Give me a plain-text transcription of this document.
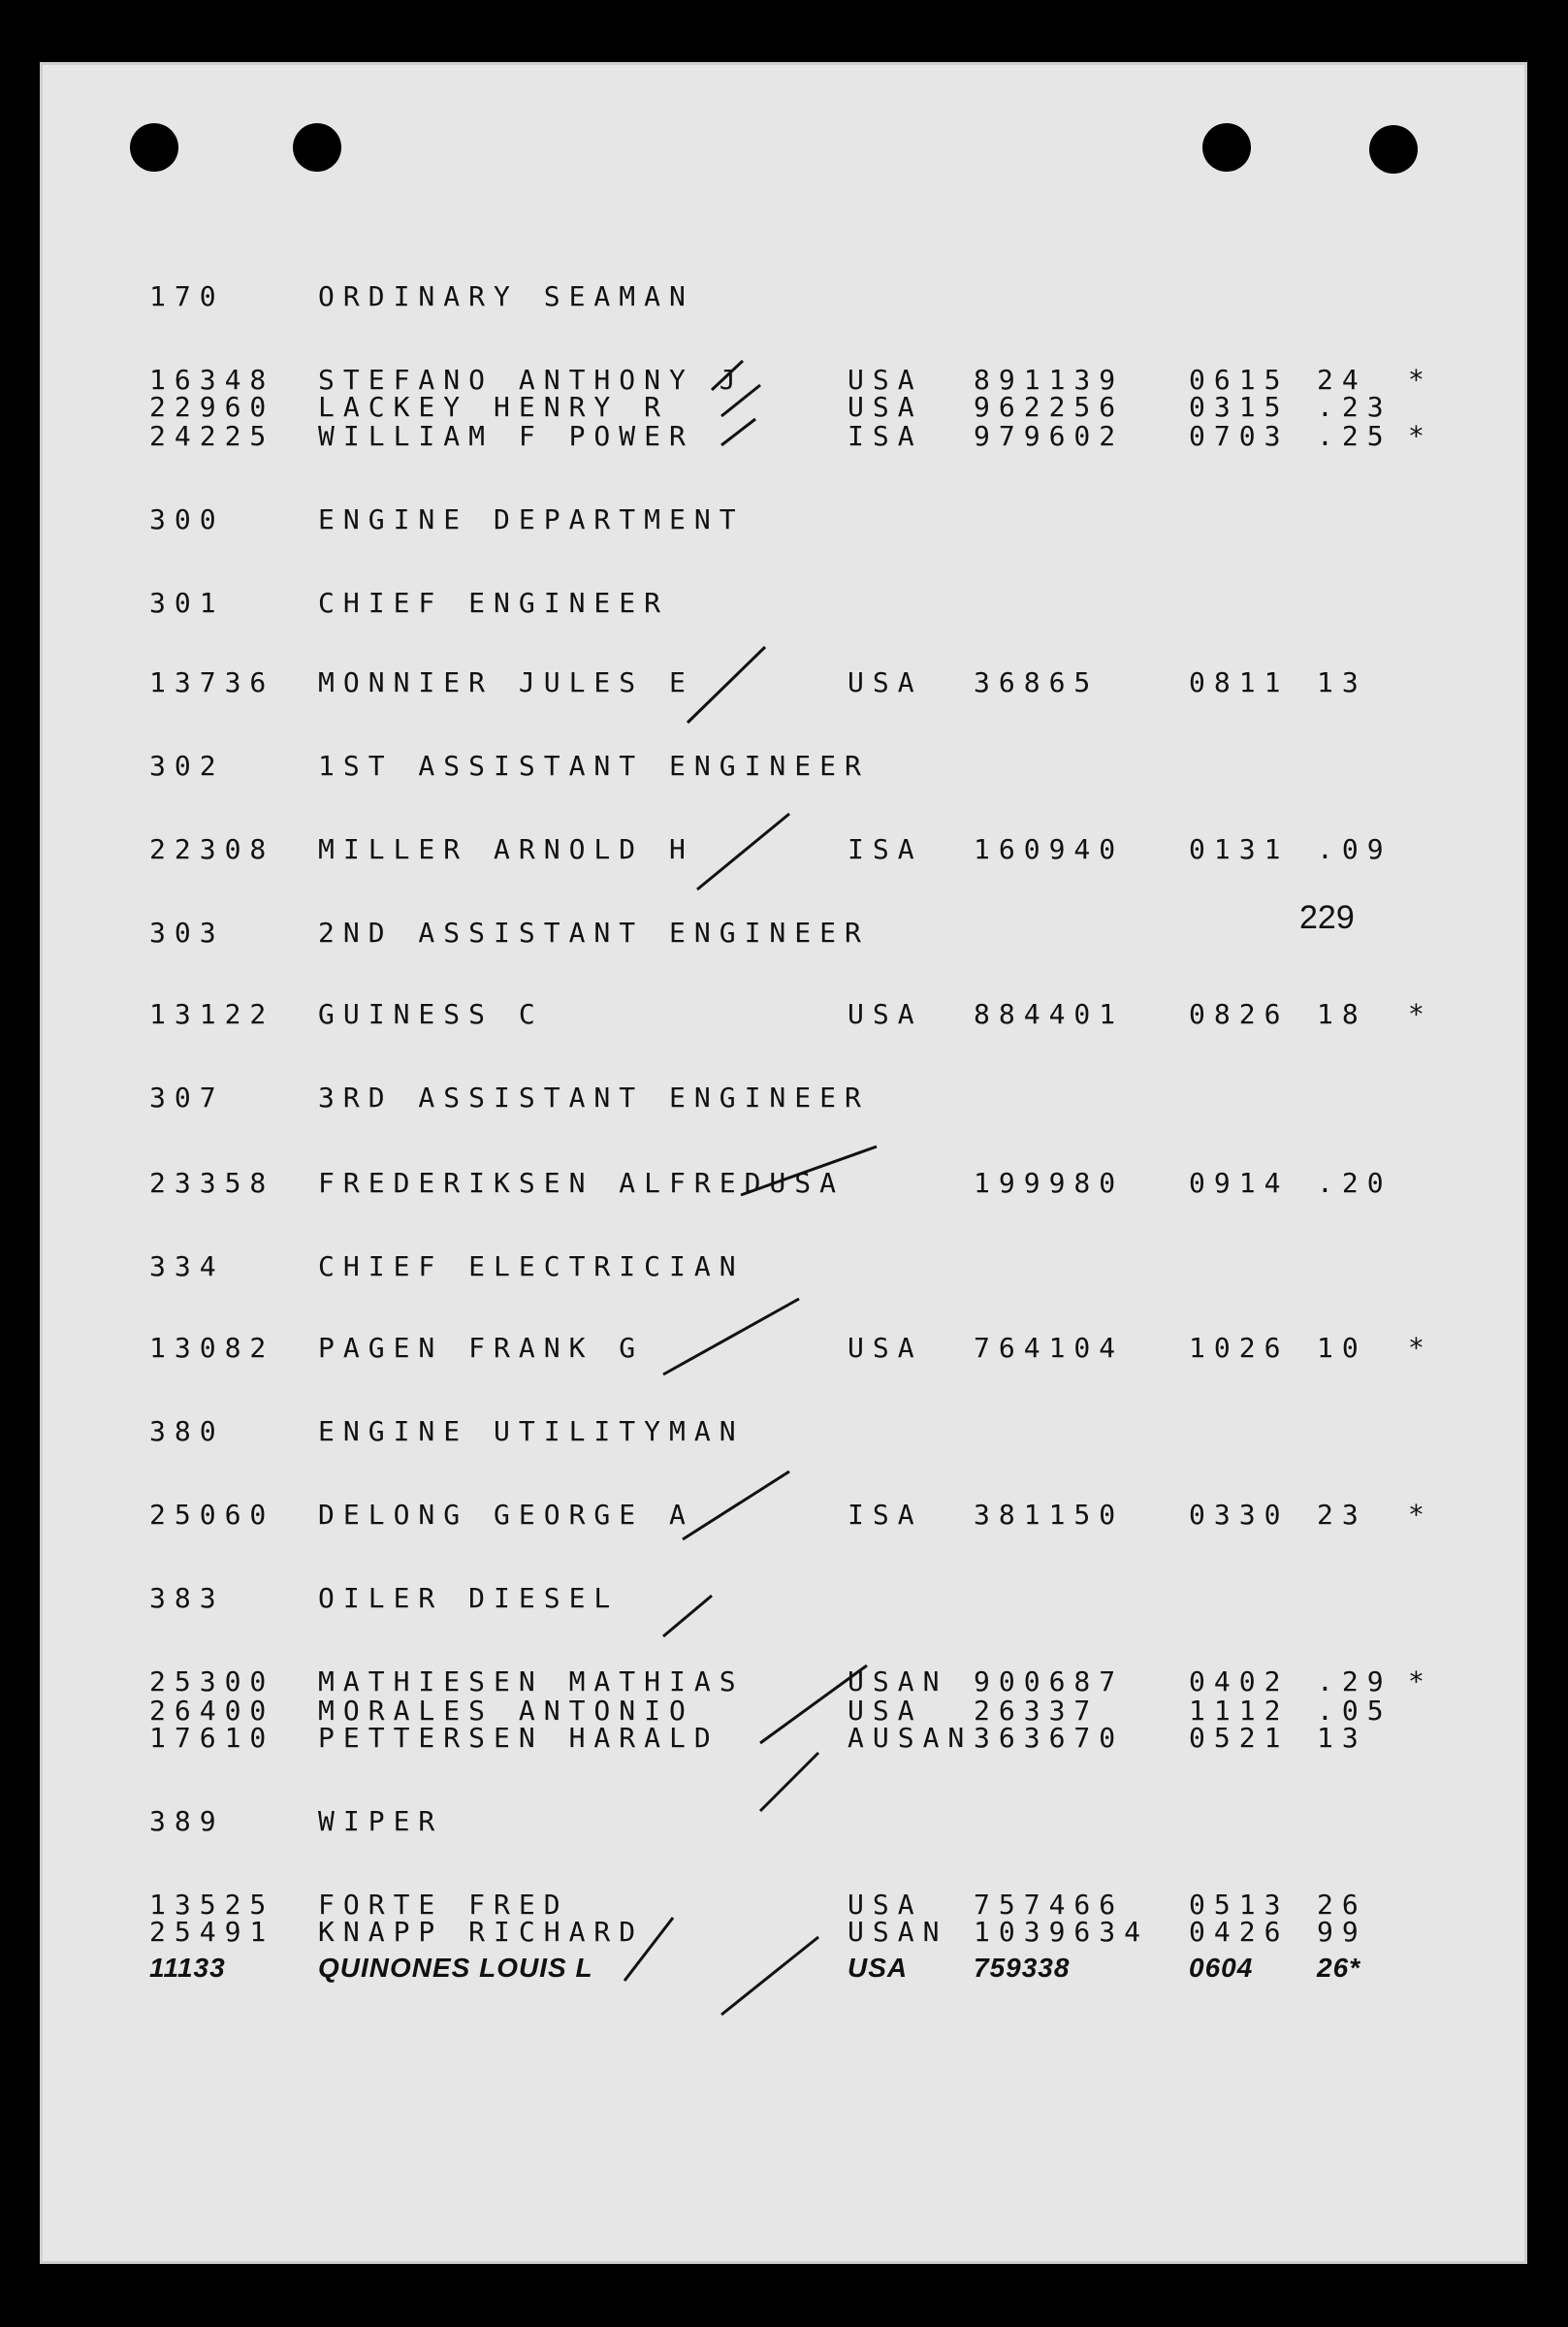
229
170	ORDINARY SEAMAN
16348 STEFANO ANTHONY J	USA 891139 0615 24 *
22960 LACKEY HENRY R	USA 962256 0315 .23
24225 WILLIAM F POWER	ISA 979602 0703 .25 *
300	ENGINE DEPARTMENT
301	CHIEF ENGINEER
13736 MONNIER JULES E	USA 36865	0811 13
302	1ST ASSISTANT ENGINEER
22308 MILLER ARNOLD H	ISA 160940 0131 .09
303	2ND ASSISTANT ENGINEER
13122 GUINESS C	USA 884401 0826 18 *
307	3RD ASSISTANT ENGINEER
23358 FREDERIKSEN ALFREDUSA	199980 0914 .20
334	CHIEF ELECTRICIAN
13082 PAGEN FRANK G	USA 764104 1026 10 *
380	ENGINE UTILITYMAN
25060 DELONG GEORGE A	ISA 381150 0330 23 *
383	OILER DIESEL
25300 MATHIESEN MATHIAS	USAN 900687 0402 .29 *
26400 MORALES ANTONIO	USA 26337	1112 .05
17610 PETTERSEN HARALD	AUSAN 363670 0521 13
389	WIPER
13525 FORTE FRED	USA 757466 0513 26
25491 KNAPP RICHARD	USAN 1039634 0426 99
11133	QUINONES LOUIS L	USA 759338	0604 26*
